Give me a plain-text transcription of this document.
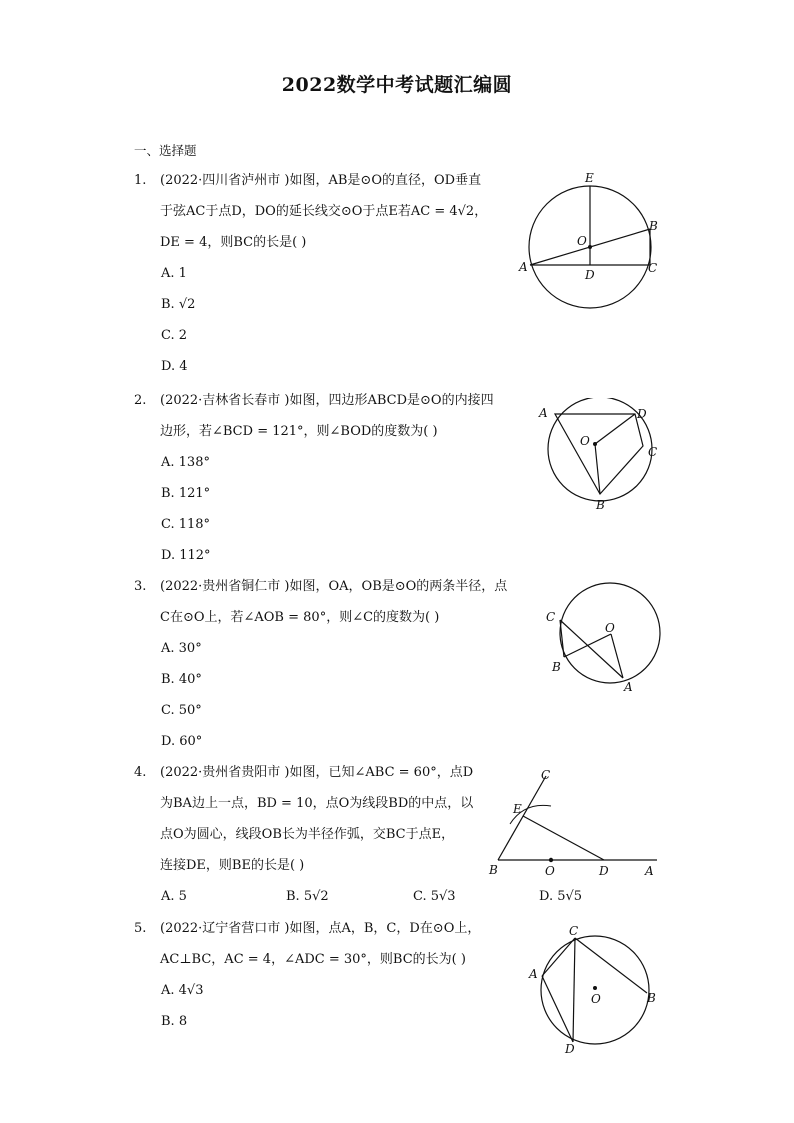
2022数学中考试题汇编圆
一、选择题
1.	(2022·四川省泸州市 )如图，AB是⊙O的直径，OD垂直
于弦AC于点D，DO的延长线交⊙O于点E若AC = 4√2，
DE = 4，则BC的长是( )
A. 1
B. √2
C. 2
D. 4
E
O
B
A
D	C
2.	(2022·吉林省长春市 )如图，四边形ABCD是⊙O的内接四
边形，若∠BCD = 121°，则∠BOD的度数为( )
A. 138°
B. 121°
C. 118°
D. 112°
A	D
O
C
B
3.	(2022·贵州省铜仁市 )如图，OA，OB是⊙O的两条半径，点
C在⊙O上，若∠AOB = 80°，则∠C的度数为( )
A. 30°
B. 40°
C. 50°
D. 60°
C
O
B
A
4.	(2022·贵州省贵阳市 )如图，已知∠ABC = 60°，点D
为BA边上一点，BD = 10，点O为线段BD的中点，以
点O为圆心，线段OB长为半径作弧，交BC于点E，
连接DE，则BE的长是( )
A. 5	B. 5√2	C. 5√3	D. 5√5
C
E
B	O	D	A
5.	(2022·辽宁省营口市 )如图，点A，B，C，D在⊙O上，
AC⊥BC，AC = 4，∠ADC = 30°，则BC的长为( )
A. 4√3
B. 8
C
A
O	B
D
